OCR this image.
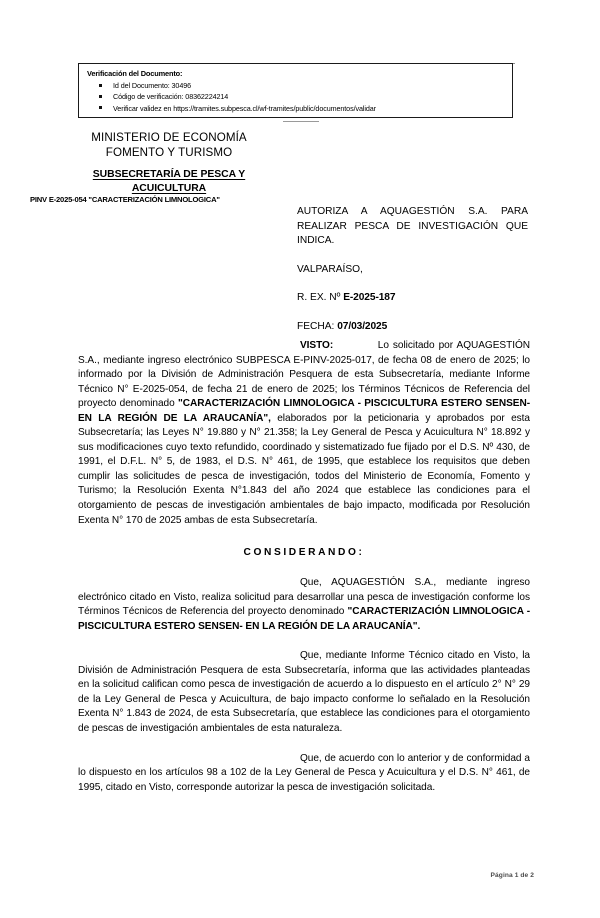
Verificación del Documento:
Id del Documento: 30496
Código de verificación: 08362224214
Verificar validez en https://tramites.subpesca.cl/wf-tramites/public/documentos/validar
MINISTERIO DE ECONOMÍA
FOMENTO Y TURISMO
SUBSECRETARÍA DE PESCA Y
ACUICULTURA
PINV E-2025-054 "CARACTERIZACIÓN LIMNOLOGICA"
AUTORIZA A AQUAGESTIÓN S.A. PARA REALIZAR PESCA DE INVESTIGACIÓN QUE INDICA.
VALPARAÍSO,
R. EX. Nº E-2025-187
FECHA: 07/03/2025

VISTO:	Lo solicitado por AQUAGESTIÓN S.A., mediante ingreso electrónico SUBPESCA E-PINV-2025-017, de fecha 08 de enero de 2025; lo informado por la División de Administración Pesquera de esta Subsecretaría, mediante Informe Técnico N° E-2025-054, de fecha 21 de enero de 2025; los Términos Técnicos de Referencia del proyecto denominado "CARACTERIZACIÓN LIMNOLOGICA - PISCICULTURA ESTERO SENSEN- EN LA REGIÓN DE LA ARAUCANÍA", elaborados por la peticionaria y aprobados por esta Subsecretaría; las Leyes N° 19.880 y N° 21.358; la Ley General de Pesca y Acuicultura N° 18.892 y sus modificaciones cuyo texto refundido, coordinado y sistematizado fue fijado por el D.S. Nº 430, de 1991, el D.F.L. N° 5, de 1983, el D.S. N° 461, de 1995, que establece los requisitos que deben cumplir las solicitudes de pesca de investigación, todos del Ministerio de Economía, Fomento y Turismo; la Resolución Exenta N°1.843 del año 2024 que establece las condiciones para el otorgamiento de pescas de investigación ambientales de bajo impacto, modificada por Resolución Exenta N° 170 de 2025 ambas de esta Subsecretaría.

CONSIDERANDO:

Que, AQUAGESTIÓN S.A., mediante ingreso electrónico citado en Visto, realiza solicitud para desarrollar una pesca de investigación conforme los Términos Técnicos de Referencia del proyecto denominado "CARACTERIZACIÓN LIMNOLOGICA -PISCICULTURA ESTERO SENSEN- EN LA REGIÓN DE LA ARAUCANÍA".

Que, mediante Informe Técnico citado en Visto, la División de Administración Pesquera de esta Subsecretaría, informa que las actividades planteadas en la solicitud califican como pesca de investigación de acuerdo a lo dispuesto en el artículo 2° N° 29 de la Ley General de Pesca y Acuicultura, de bajo impacto conforme lo señalado en la Resolución Exenta N° 1.843 de 2024, de esta Subsecretaría, que establece las condiciones para el otorgamiento de pescas de investigación ambientales de esta naturaleza.

Que, de acuerdo con lo anterior y de conformidad a lo dispuesto en los artículos 98 a 102 de la Ley General de Pesca y Acuicultura y el D.S. N° 461, de 1995, citado en Visto, corresponde autorizar la pesca de investigación solicitada.

Página 1 de 2
